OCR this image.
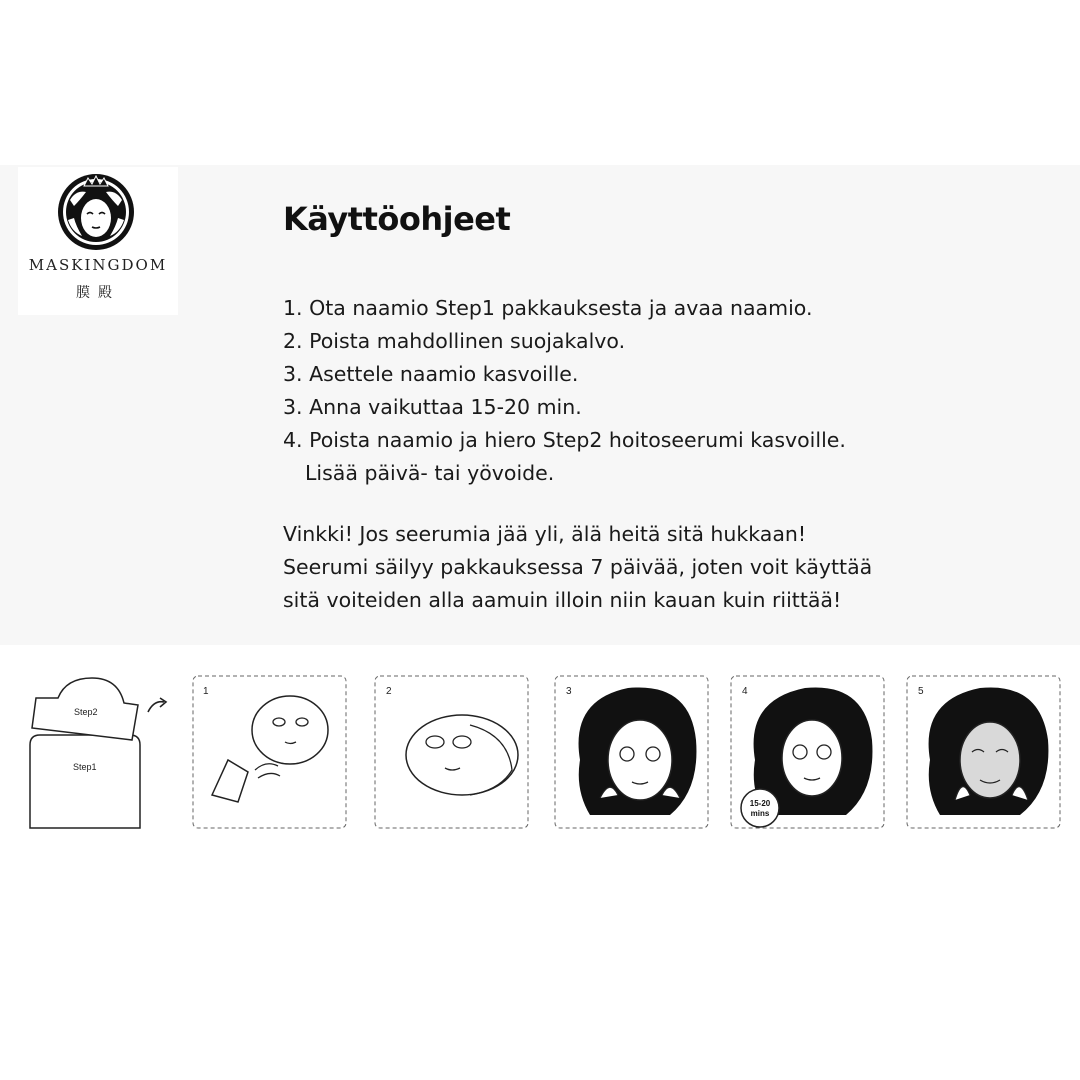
MASKINGDOM
膜殿
Käyttöohjeet
1. Ota naamio Step1 pakkauksesta ja avaa naamio.
2. Poista mahdollinen suojakalvo.
3. Asettele naamio kasvoille.
3. Anna vaikuttaa 15-20 min.
4. Poista naamio ja hiero Step2 hoitoseerumi kasvoille.
Lisää päivä- tai yövoide.
Vinkki! Jos seerumia jää yli, älä heitä sitä hukkaan!
Seerumi säilyy pakkauksessa 7 päivää, joten voit käyttää
sitä voiteiden alla aamuin illoin niin kauan kuin riittää!
Step2
Step1
1	2	3	4
15-20
mins
5
